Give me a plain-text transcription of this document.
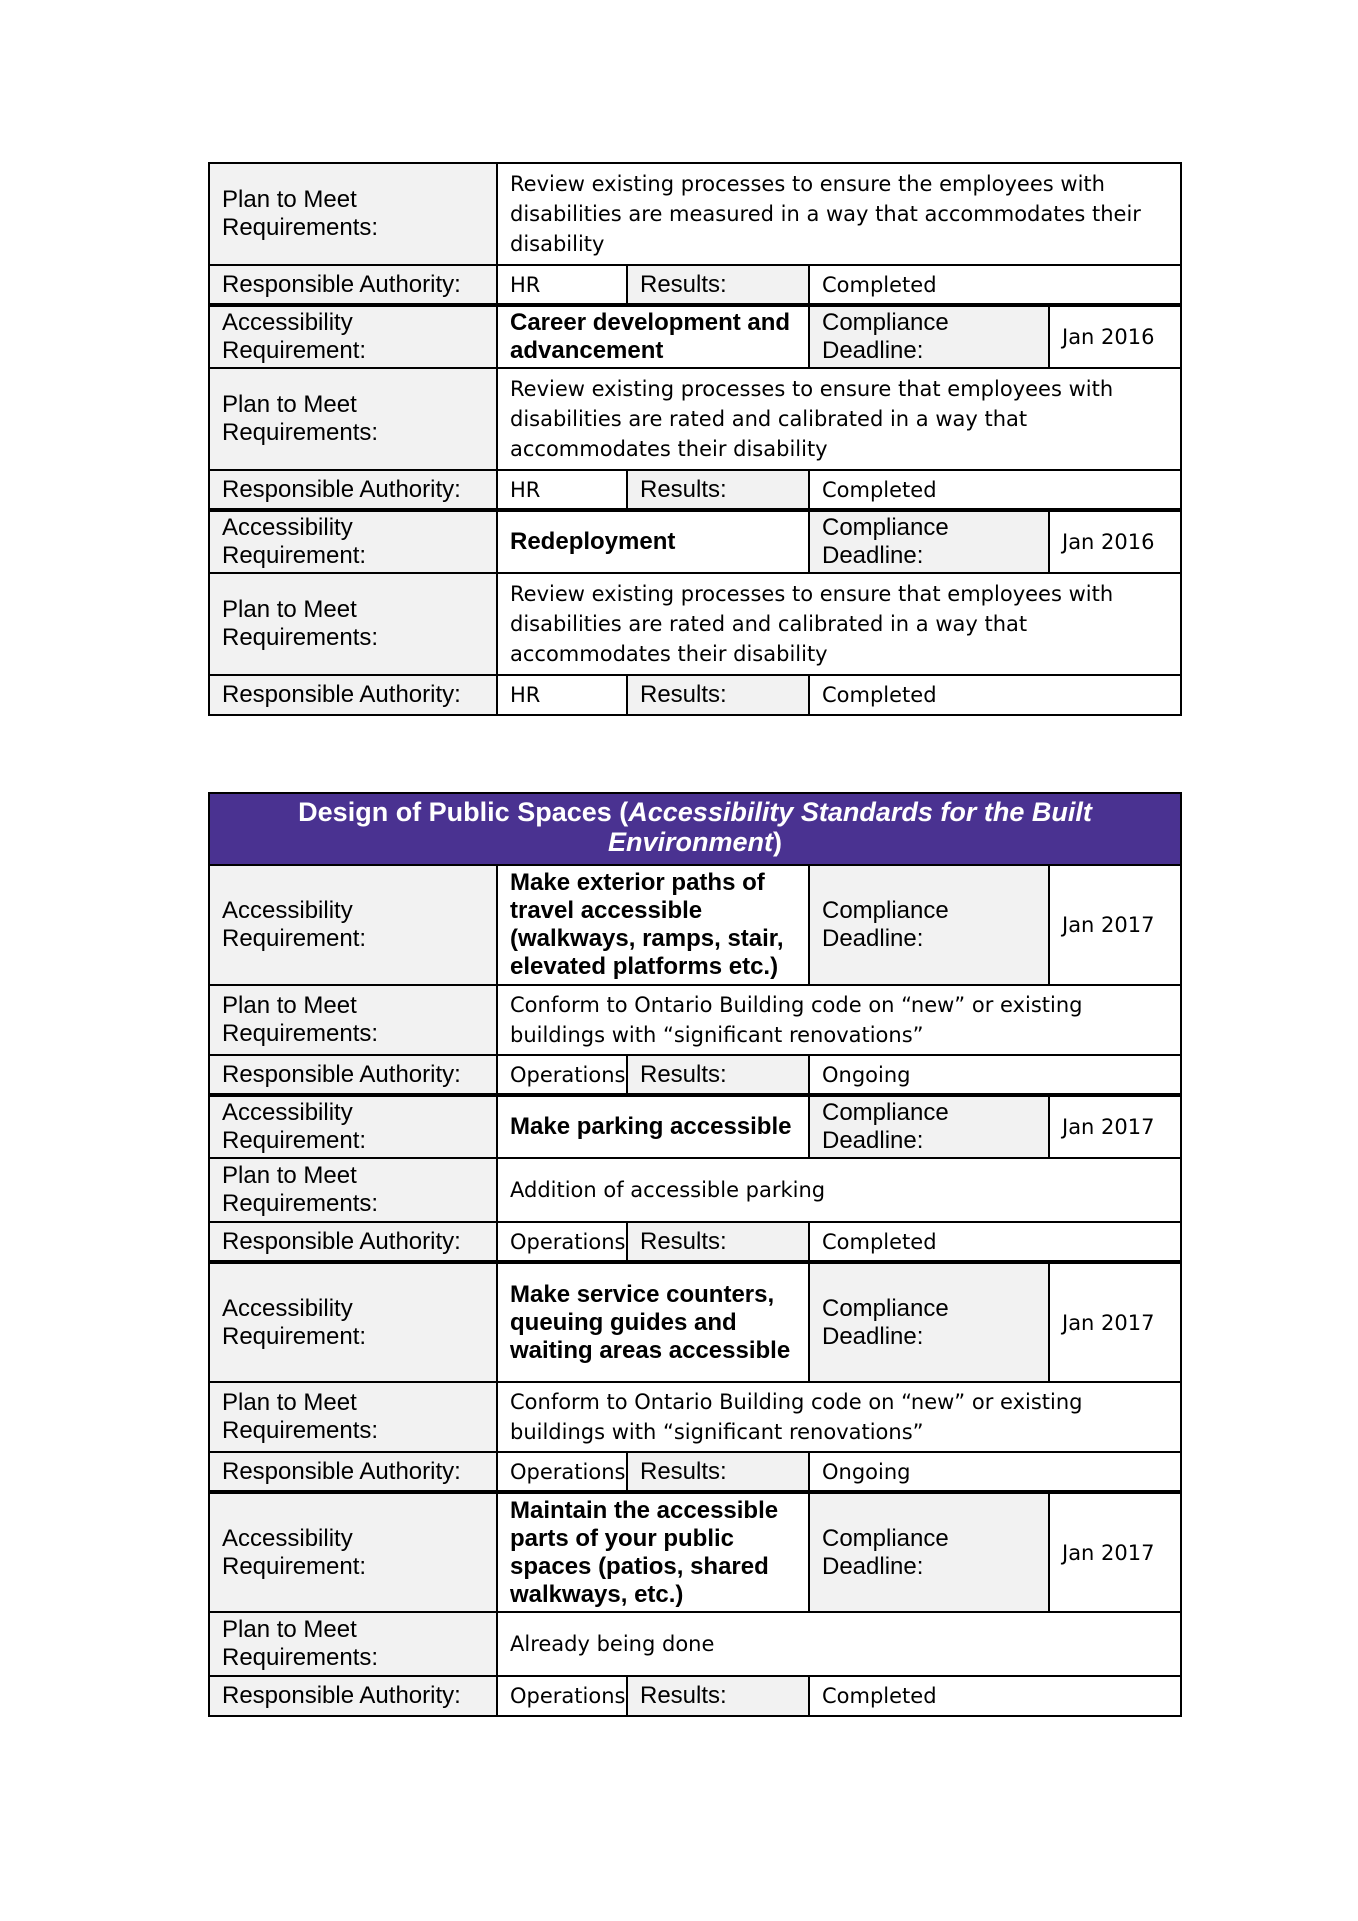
Plan to Meet Requirements:	Review existing processes to ensure the employees with disabilities are measured in a way that accommodates their disability			
Responsible Authority:	HR	Results:	Completed	
Accessibility Requirement:	Career development and advancement		Compliance Deadline:	Jan 2016
Plan to Meet Requirements:	Review existing processes to ensure that employees with disabilities are rated and calibrated in a way that accommodates their disability			
Responsible Authority:	HR	Results:	Completed	
Accessibility Requirement:	Redeployment		Compliance Deadline:	Jan 2016
Plan to Meet Requirements:	Review existing processes to ensure that employees with disabilities are rated and calibrated in a way that accommodates their disability			
Responsible Authority:	HR	Results:	Completed	
Design of Public Spaces (Accessibility Standards for the Built Environment)				
Accessibility Requirement:	Make exterior paths of travel accessible (walkways, ramps, stair, elevated platforms etc.)		Compliance Deadline:	Jan 2017
Plan to Meet Requirements:	Conform to Ontario Building code on “new” or existing buildings with “significant renovations”			
Responsible Authority:	Operations	Results:	Ongoing	
Accessibility Requirement:	Make parking accessible		Compliance Deadline:	Jan 2017
Plan to Meet Requirements:	Addition of accessible parking			
Responsible Authority:	Operations	Results:	Completed	
Accessibility Requirement:	Make service counters, queuing guides and waiting areas accessible		Compliance Deadline:	Jan 2017
Plan to Meet Requirements:	Conform to Ontario Building code on “new” or existing buildings with “significant renovations”			
Responsible Authority:	Operations	Results:	Ongoing	
Accessibility Requirement:	Maintain the accessible parts of your public spaces (patios, shared walkways, etc.)		Compliance Deadline:	Jan 2017
Plan to Meet Requirements:	Already being done			
Responsible Authority:	Operations	Results:	Completed	
